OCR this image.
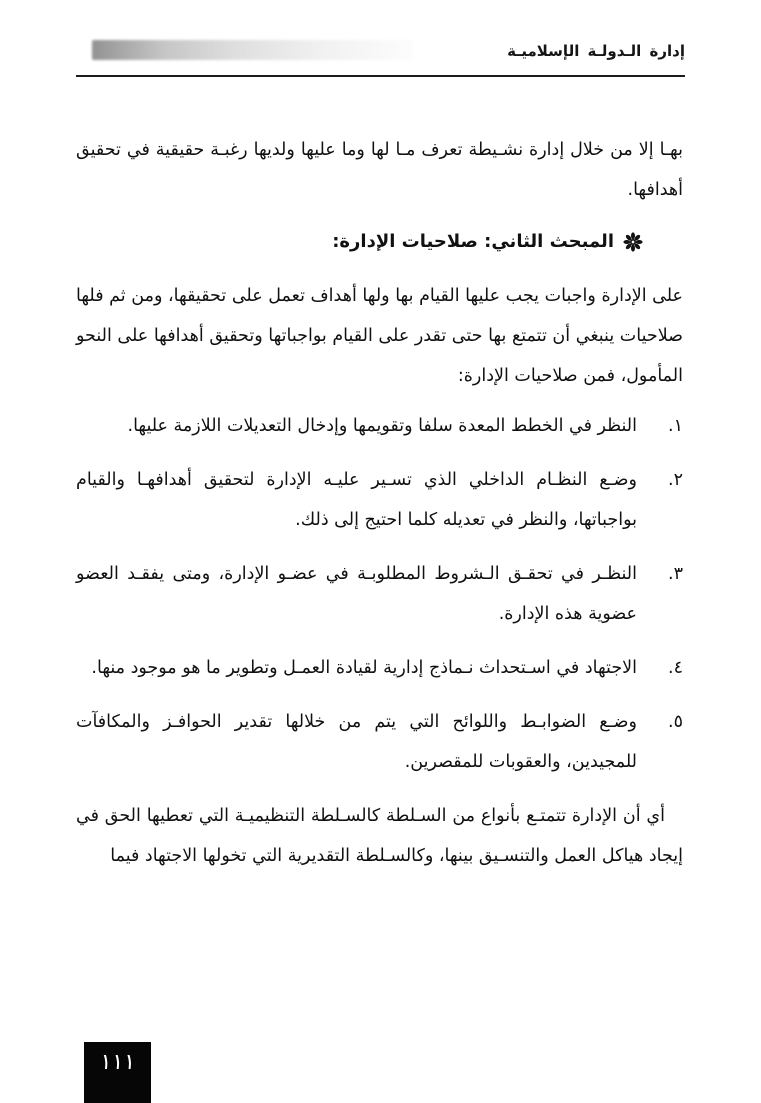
إدارة الـدولـة الإسلاميـة

بهـا إلا من خلال إدارة نشـيطة تعرف مـا لها وما عليها ولديها رغبـة حقيقية في تحقيق أهدافها.

المبحث الثاني: صلاحيات الإدارة:

على الإدارة واجبات يجب عليها القيام بها ولها أهداف تعمل على تحقيقها، ومن ثم فلها صلاحيات ينبغي أن تتمتع بها حتى تقدر على القيام بواجباتها وتحقيق أهدافها على النحو المأمول، فمن صلاحيات الإدارة:

١.
النظر في الخطط المعدة سلفا وتقويمها وإدخال التعديلات اللازمة عليها.
٢.
وضـع النظـام الداخلي الذي تسـير عليـه الإدارة لتحقيق أهدافهـا والقيام بواجباتها، والنظر في تعديله كلما احتيج إلى ذلك.
٣.
النظـر في تحقـق الـشروط المطلوبـة في عضـو الإدارة، ومتى يفقـد العضو عضوية هذه الإدارة.
٤.
الاجتهاد في اسـتحداث نـماذج إدارية لقيادة العمـل وتطوير ما هو موجود منها.
٥.
وضـع الضوابـط واللوائح التي يتم من خلالها تقدير الحوافـز والمكافآت للمجيدين، والعقوبات للمقصرين.

أي أن الإدارة تتمتـع بأنواع من السـلطة كالسـلطة التنظيميـة التي تعطيها الحق في إيجاد هياكل العمل والتنسـيق بينها، وكالسـلطة التقديرية التي تخولها الاجتهاد فيما

١١١
